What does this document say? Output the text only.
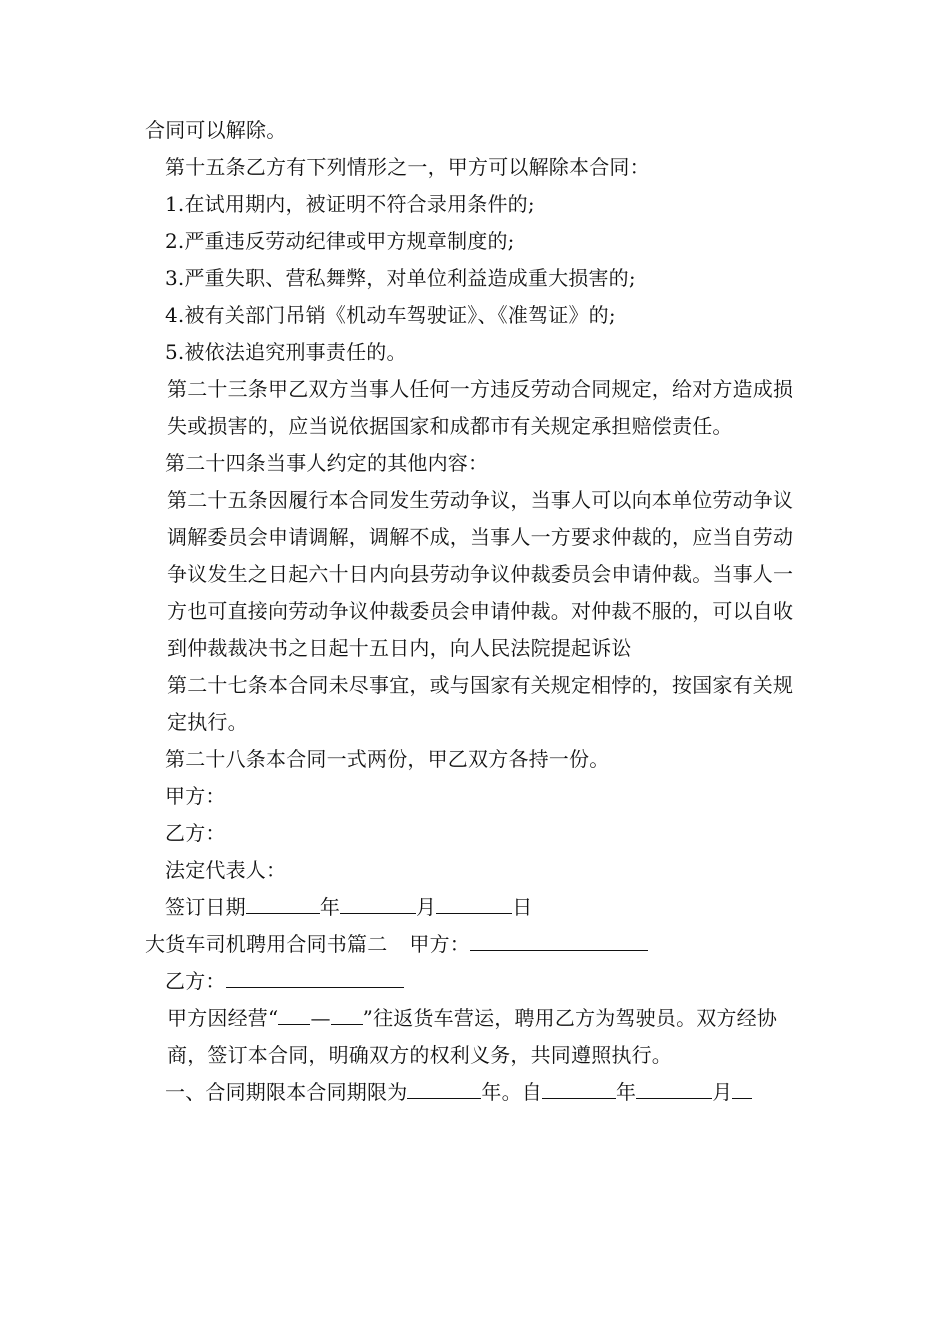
合同可以解除。

第十五条乙方有下列情形之一，甲方可以解除本合同：

1.在试用期内，被证明不符合录用条件的;

2.严重违反劳动纪律或甲方规章制度的;

3.严重失职、营私舞弊，对单位利益造成重大损害的;

4.被有关部门吊销《机动车驾驶证》、《准驾证》的;

5.被依法追究刑事责任的。

第二十三条甲乙双方当事人任何一方违反劳动合同规定，给对方造成损失或损害的，应当说依据国家和成都市有关规定承担赔偿责任。

第二十四条当事人约定的其他内容：

第二十五条因履行本合同发生劳动争议，当事人可以向本单位劳动争议调解委员会申请调解，调解不成，当事人一方要求仲裁的，应当自劳动争议发生之日起六十日内向县劳动争议仲裁委员会申请仲裁。当事人一方也可直接向劳动争议仲裁委员会申请仲裁。对仲裁不服的，可以自收到仲裁裁决书之日起十五日内，向人民法院提起诉讼

第二十七条本合同未尽事宜，或与国家有关规定相悖的，按国家有关规定执行。

第二十八条本合同一式两份，甲乙双方各持一份。

甲方：

乙方：

法定代表人：

签订日期	年	月	日

大货车司机聘用合同书篇二 甲方：

乙方：

甲方因经营“ — ”往返货车营运，聘用乙方为驾驶员。双方经协商，签订本合同，明确双方的权利义务，共同遵照执行。

一、合同期限本合同期限为	年。自	年	月
